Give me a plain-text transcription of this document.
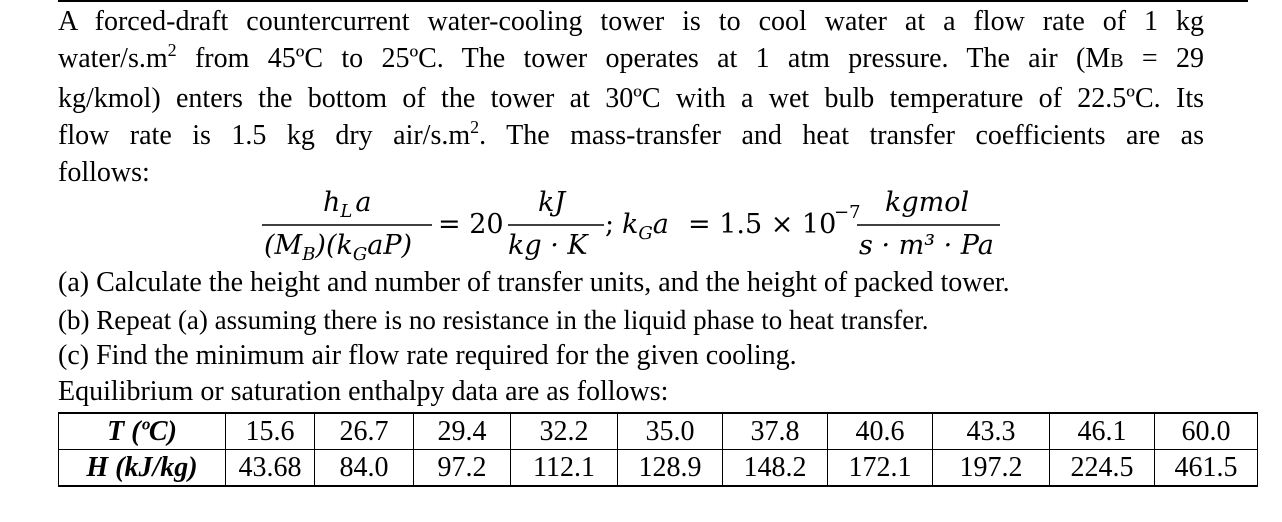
A forced-draft countercurrent water-cooling tower is to cool water at a flow rate of 1 kg
water/$s.m^2$ from 45ºC to 25ºC. The tower operates at 1 atm pressure. The air (MB = 29
kg/kmol) enters the bottom of the tower at 30ºC with a wet bulb temperature of 22.5ºC. Its
flow rate is 1.5 kg dry air/$s.m^2$. The mass-transfer and heat transfer coefficients are as
follows:
$h_L$ a
$(M_B)(k_GaP)$
= 20
kJ
kg · K
; $k_Ga = 1.5 \times 10$
−7 kgmol
s · m³ · Pa
(a) Calculate the height and number of transfer units, and the height of packed tower.
(b) Repeat (a) assuming there is no resistance in the liquid phase to heat transfer.
(c) Find the minimum air flow rate required for the given cooling.
Equilibrium or saturation enthalpy data are as follows:
T (ºC)	15.6	26.7	29.4	32.2	35.0	37.8	40.6	43.3	46.1	60.0
H (kJ/kg)	43.68	84.0	97.2	112.1	128.9	148.2	172.1	197.2	224.5	461.5
